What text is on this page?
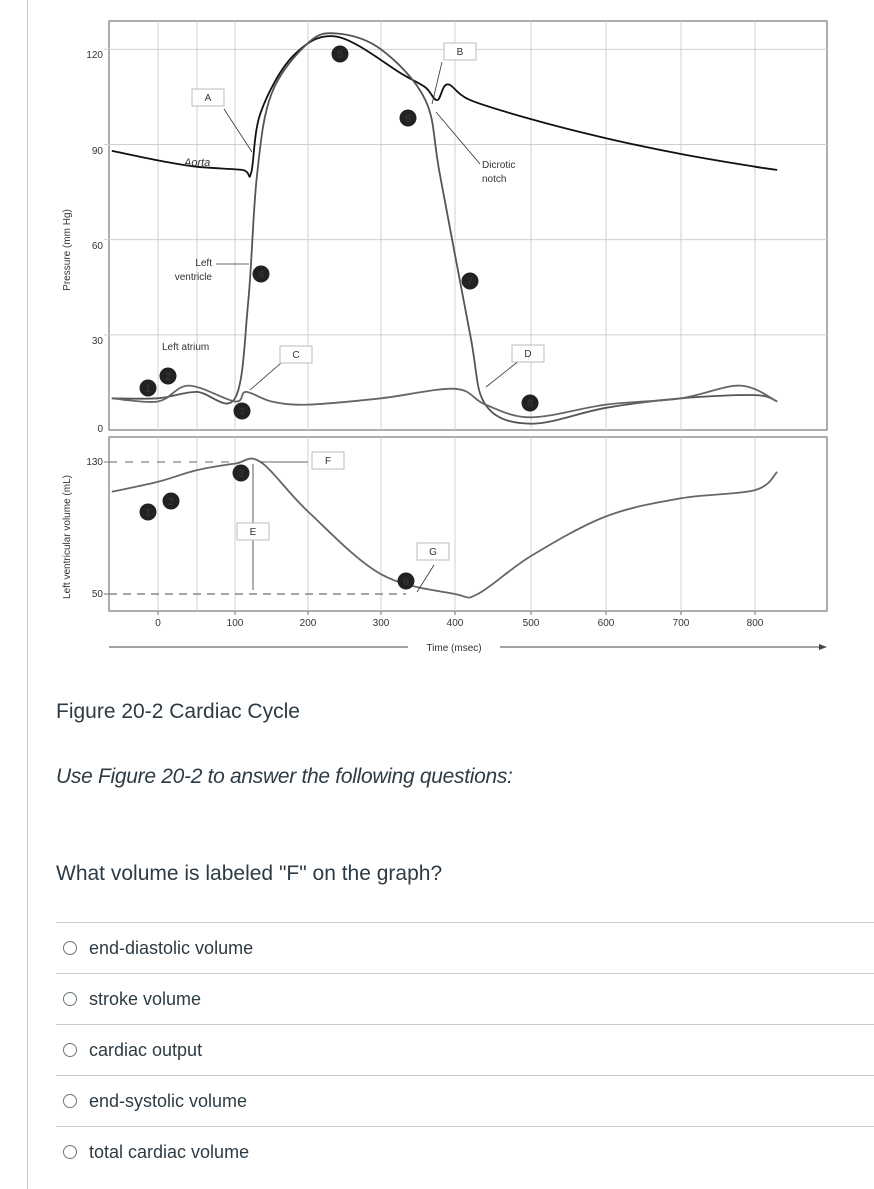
120
90
60
30
0
130
50
0	100	200	300	400	500	600	700	800
Pressure (mm Hg)
Left ventricular volume (mL)
Time (msec)
A
B
C	D
E
F
G
Aorta
Left
ventricle
Left atrium
Dicrotic
notch
1
2
3
4
5
6
7
8
1
2
3
6
Figure 20-2 Cardiac Cycle
Use Figure 20-2 to answer the following questions:
What volume is labeled "F" on the graph?
end-diastolic volume
stroke volume
cardiac output
end-systolic volume
total cardiac volume
